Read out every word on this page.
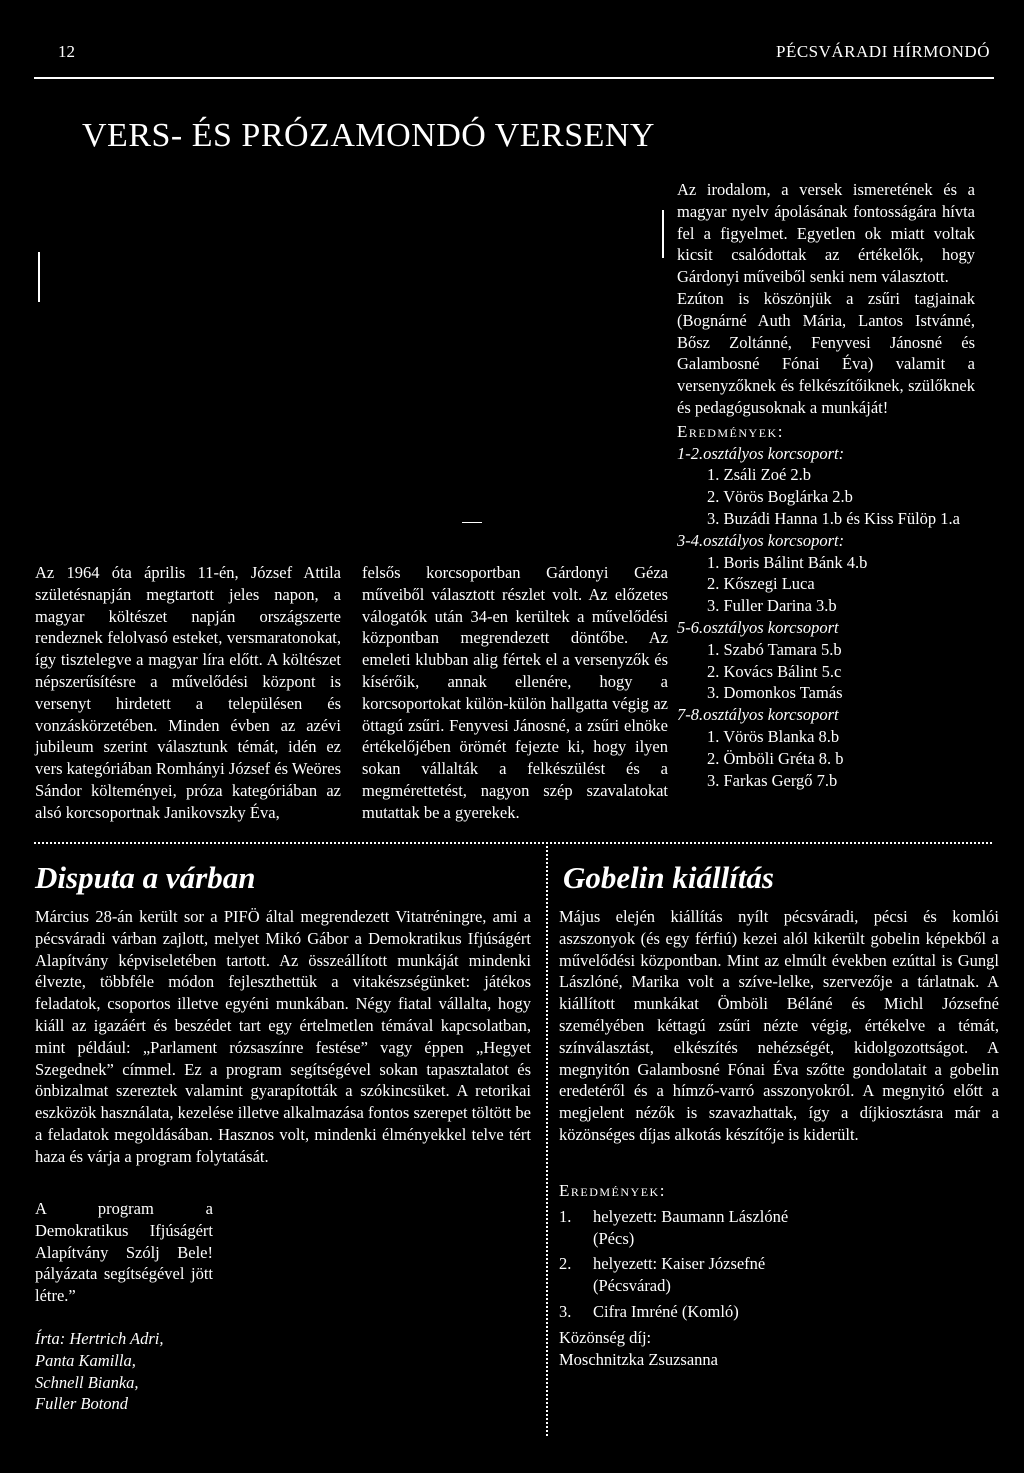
12	PÉCSVÁRADI HÍRMONDÓ
VERS- ÉS PRÓZAMONDÓ VERSENY

Az 1964 óta április 11-én, József Attila születésnapján megtartott jeles napon, a magyar költészet napján országszerte rendeznek felolvasó esteket, versmaratonokat, így tisztelegve a magyar líra előtt. A költészet népszerűsítésre a művelődési központ is versenyt hirdetett a településen és vonzáskörzetében. Minden évben az azévi jubileum szerint választunk témát, idén ez vers kategóriában Romhányi József és Weöres Sándor költeményei, próza kategóriában az alsó korcsoportnak Janikovszky Éva,

felsős korcsoportban Gárdonyi Géza műveiből választott részlet volt. Az előzetes válogatók után 34-en kerültek a művelődési központban megrendezett döntőbe. Az emeleti klubban alig fértek el a versenyzők és kísérőik, annak ellenére, hogy a korcsoportokat külön-külön hallgatta végig az öttagú zsűri. Fenyvesi Jánosné, a zsűri elnöke értékelőjében örömét fejezte ki, hogy ilyen sokan vállalták a felkészülést és a megmérettetést, nagyon szép szavalatokat mutattak be a gyerekek.

Az irodalom, a versek ismeretének és a magyar nyelv ápolásának fontosságára hívta fel a figyelmet. Egyetlen ok miatt voltak kicsit csalódottak az értékelők, hogy Gárdonyi műveiből senki nem választott.

Ezúton is köszönjük a zsűri tagjainak (Bognárné Auth Mária, Lantos Istvánné, Bősz Zoltánné, Fenyvesi Jánosné és Galambosné Fónai Éva) valamit a versenyzőknek és felkészítőiknek, szülőknek és pedagógusoknak a munkáját!

Eredmények:
1-2.osztályos korcsoport:
1. Zsáli Zoé 2.b
2. Vörös Boglárka 2.b
3. Buzádi Hanna 1.b és Kiss Fülöp 1.a
3-4.osztályos korcsoport:
1. Boris Bálint Bánk 4.b
2. Kőszegi Luca
3. Fuller Darina 3.b
5-6.osztályos korcsoport
1. Szabó Tamara 5.b
2. Kovács Bálint 5.c
3. Domonkos Tamás
7-8.osztályos korcsoport
1. Vörös Blanka 8.b
2. Ömböli Gréta 8. b
3. Farkas Gergő 7.b
Disputa a várban

Március 28-án került sor a PIFÖ által megrendezett Vitatréningre, ami a pécsváradi várban zajlott, melyet Mikó Gábor a Demokratikus Ifjúságért Alapítvány képviseletében tartott. Az összeállított munkáját mindenki élvezte, többféle módon fejleszthettük a vitakészségünket: játékos feladatok, csoportos illetve egyéni munkában. Négy fiatal vállalta, hogy kiáll az igazáért és beszédet tart egy értelmetlen témával kapcsolatban, mint például: „Parlament rózsaszínre festése” vagy éppen „Hegyet Szegednek” címmel. Ez a program segítségével sokan tapasztalatot és önbizalmat szereztek valamint gyarapították a szókincsüket. A retorikai eszközök használata, kezelése illetve alkalmazása fontos szerepet töltött be a feladatok megoldásában. Hasznos volt, mindenki élményekkel telve tért haza és várja a program folytatását.

A program a Demokratikus Ifjúságért Alapítvány Szólj Bele! pályázata segítségével jött létre.”
Írta: Hertrich Adri,
Panta Kamilla,
Schnell Bianka,
Fuller Botond
Gobelin kiállítás

Május elején kiállítás nyílt pécsváradi, pécsi és komlói aszszonyok (és egy férfiú) kezei alól kikerült gobelin képekből a művelődési központban. Mint az elmúlt években ezúttal is Gungl Lászlóné, Marika volt a szíve-lelke, szervezője a tárlatnak. A kiállított munkákat Ömböli Béláné és Michl Józsefné személyében kéttagú zsűri nézte végig, értékelve a témát, színválasztást, elkészítés nehézségét, kidolgozottságot. A megnyitón Galambosné Fónai Éva szőtte gondolatait a gobelin eredetéről és a hímző-varró asszonyokról. A megnyitó előtt a megjelent nézők is szavazhattak, így a díjkiosztásra már a közönséges díjas alkotás készítője is kiderült.

Eredmények:
1. helyezett: Baumann Lászlóné (Pécs)
2. helyezett: Kaiser Józsefné (Pécsvárad)
3. Cifra Imréné (Komló)
Közönség díj:
Moschnitzka Zsuzsanna
